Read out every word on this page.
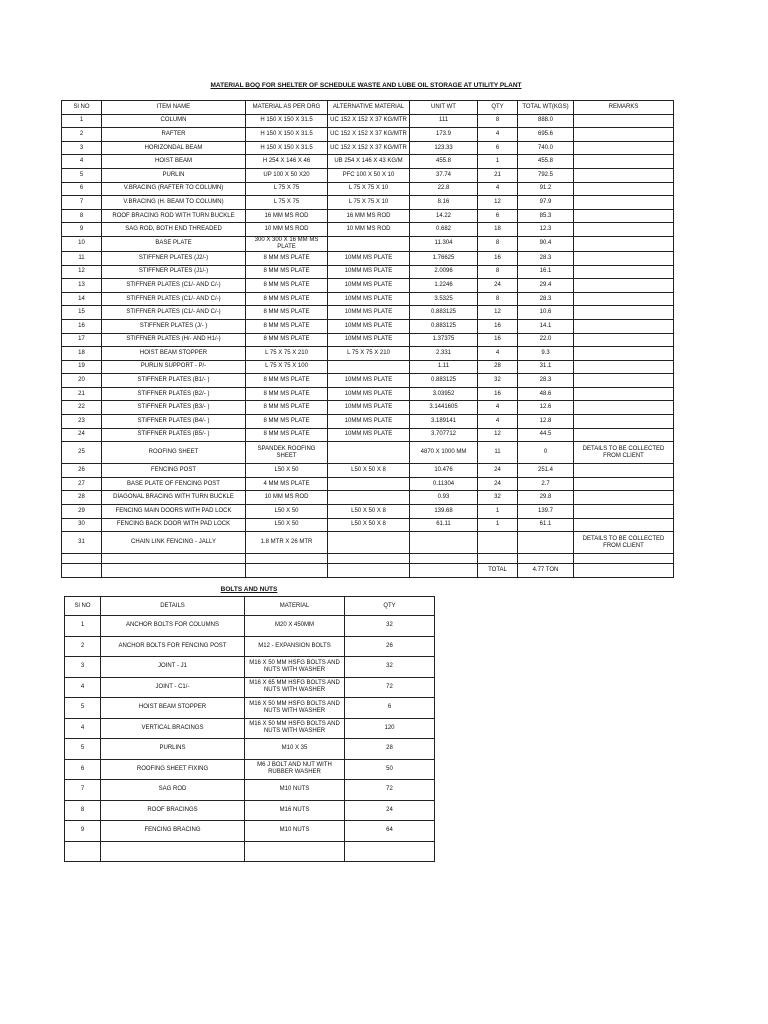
MATERIAL BOQ FOR SHELTER OF SCHEDULE WASTE AND LUBE OIL STORAGE AT UTILITY PLANT
Sl NO	ITEM NAME	MATERIAL AS PER DRG	ALTERNATIVE MATERIAL	UNIT WT	QTY	TOTAL WT(KGS)	REMARKS
1	COLUMN	H 150 X 150 X 31.5	UC 152 X 152 X 37 KG/MTR	111	8	888.0	
2	RAFTER	H 150 X 150 X 31.5	UC 152 X 152 X 37 KG/MTR	173.9	4	695.6	
3	HORIZONDAL BEAM	H 150 X 150 X 31.5	UC 152 X 152 X 37 KG/MTR	123.33	6	740.0	
4	HOIST BEAM	H 254 X 146 X 46	UB 254 X 146 X 43 KG/M	455.8	1	455.8	
5	PURLIN	UP 100 X 50 X20	PFC 100 X 50 X 10	37.74	21	792.5	
6	V.BRACING (RAFTER TO COLUMN)	L 75 X 75	L 75 X 75 X 10	22.8	4	91.2	
7	V.BRACING (H. BEAM TO COLUMN)	L 75 X 75	L 75 X 75 X 10	8.16	12	97.9	
8	ROOF BRACING ROD WITH TURN BUCKLE	16 MM MS ROD	16 MM MS ROD	14.22	6	85.3	
9	SAG ROD, BOTH END THREADED	10 MM MS ROD	10 MM MS ROD	0.682	18	12.3	
10	BASE PLATE	300 X 300 X 16 MM MS PLATE		11.304	8	90.4	
11	STIFFNER PLATES (J2/-)	8 MM MS PLATE	10MM MS PLATE	1.76625	16	28.3	
12	STIFFNER PLATES (J1/-)	8 MM MS PLATE	10MM MS PLATE	2.0096	8	16.1	
13	STIFFNER PLATES (C1/- AND C/-)	8 MM MS PLATE	10MM MS PLATE	1.2246	24	29.4	
14	STIFFNER PLATES (C1/- AND C/-)	8 MM MS PLATE	10MM MS PLATE	3.5325	8	28.3	
15	STIFFNER PLATES (C1/- AND C/-)	8 MM MS PLATE	10MM MS PLATE	0.883125	12	10.6	
16	STIFFNER PLATES (J/- )	8 MM MS PLATE	10MM MS PLATE	0.883125	16	14.1	
17	STIFFNER PLATES (H/- AND H1/-)	8 MM MS PLATE	10MM MS PLATE	1.37375	16	22.0	
18	HOIST BEAM STOPPER	L 75 X 75 X 210	L 75 X 75 X 210	2.331	4	9.3	
19	PURLIN SUPPORT - P/-	L 75 X 75 X 100		1.11	28	31.1	
20	STIFFNER PLATES (B1/- )	8 MM MS PLATE	10MM MS PLATE	0.883125	32	28.3	
21	STIFFNER PLATES (B2/- )	8 MM MS PLATE	10MM MS PLATE	3.03952	16	48.6	
22	STIFFNER PLATES (B3/- )	8 MM MS PLATE	10MM MS PLATE	3.1441605	4	12.6	
23	STIFFNER PLATES (B4/- )	8 MM MS PLATE	10MM MS PLATE	3.189141	4	12.8	
24	STIFFNER PLATES (B5/- )	8 MM MS PLATE	10MM MS PLATE	3.707712	12	44.5	
25	ROOFING SHEET	SPANDEK ROOFING SHEET		4870 X 1000 MM	11	0	DETAILS TO BE COLLECTED FROM CLIENT
26	FENCING POST	L50 X 50	L50 X 50 X 8	10.476	24	251.4	
27	BASE PLATE OF FENCING POST	4 MM MS PLATE		0.11304	24	2.7	
28	DIAGONAL BRACING WITH TURN BUCKLE	10 MM MS ROD		0.93	32	29.8	
29	FENCING MAIN DOORS WITH PAD LOCK	L50 X 50	L50 X 50 X 8	139.68	1	139.7	
30	FENCING BACK DOOR WITH PAD LOCK	L50 X 50	L50 X 50 X 8	61.11	1	61.1	
31	CHAIN LINK FENCING - JALLY	1.8 MTR X 26 MTR					DETAILS TO BE COLLECTED FROM CLIENT

					TOTAL	4.77 TON	
BOLTS AND NUTS
Sl NO	DETAILS	MATERIAL	QTY
1	ANCHOR BOLTS FOR COLUMNS	M20 X 450MM	32
2	ANCHOR BOLTS FOR FENCING POST	M12 - EXPANSION BOLTS	26
3	JOINT - J1	M16 X 50 MM HSFG BOLTS AND NUTS WITH WASHER	32
4	JOINT - C1/-	M16 X 65 MM HSFG BOLTS AND NUTS WITH WASHER	72
5	HOIST BEAM STOPPER	M16 X 50 MM HSFG BOLTS AND NUTS WITH WASHER	6
4	VERTICAL BRACINGS	M16 X 50 MM HSFG BOLTS AND NUTS WITH WASHER	120
5	PURLINS	M10 X 35	28
6	ROOFING SHEET FIXING	M6 J BOLT AND NUT WITH RUBBER WASHER	50
7	SAG ROD	M10 NUTS	72
8	ROOF BRACINGS	M16 NUTS	24
9	FENCING BRACING	M10 NUTS	64
